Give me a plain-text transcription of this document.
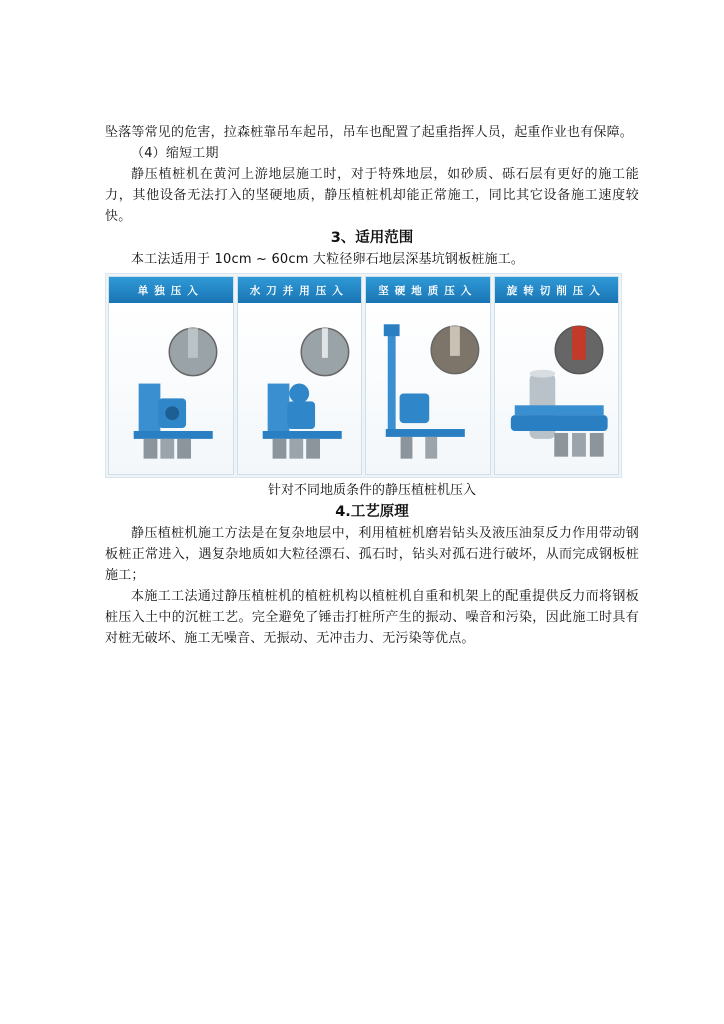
坠落等常见的危害，拉森桩靠吊车起吊，吊车也配置了起重指挥人员，起重作业也有保障。

（4）缩短工期

静压植桩机在黄河上游地层施工时，对于特殊地层，如砂质、砾石层有更好的施工能力，其他设备无法打入的坚硬地质，静压植桩机却能正常施工，同比其它设备施工速度较快。

3、适用范围

本工法适用于 10cm ~ 60cm 大粒径卵石地层深基坑钢板桩施工。

单独压入	水刀并用压入	坚硬地质压入	旋转切削压入
针对不同地质条件的静压植桩机压入
4.工艺原理

静压植桩机施工方法是在复杂地层中，利用植桩机磨岩钻头及液压油泵反力作用带动钢板桩正常进入，遇复杂地质如大粒径漂石、孤石时，钻头对孤石进行破坏，从而完成钢板桩施工；

本施工工法通过静压植桩机的植桩机构以植桩机自重和机架上的配重提供反力而将钢板桩压入土中的沉桩工艺。完全避免了锤击打桩所产生的振动、噪音和污染，因此施工时具有对桩无破坏、施工无噪音、无振动、无冲击力、无污染等优点。
